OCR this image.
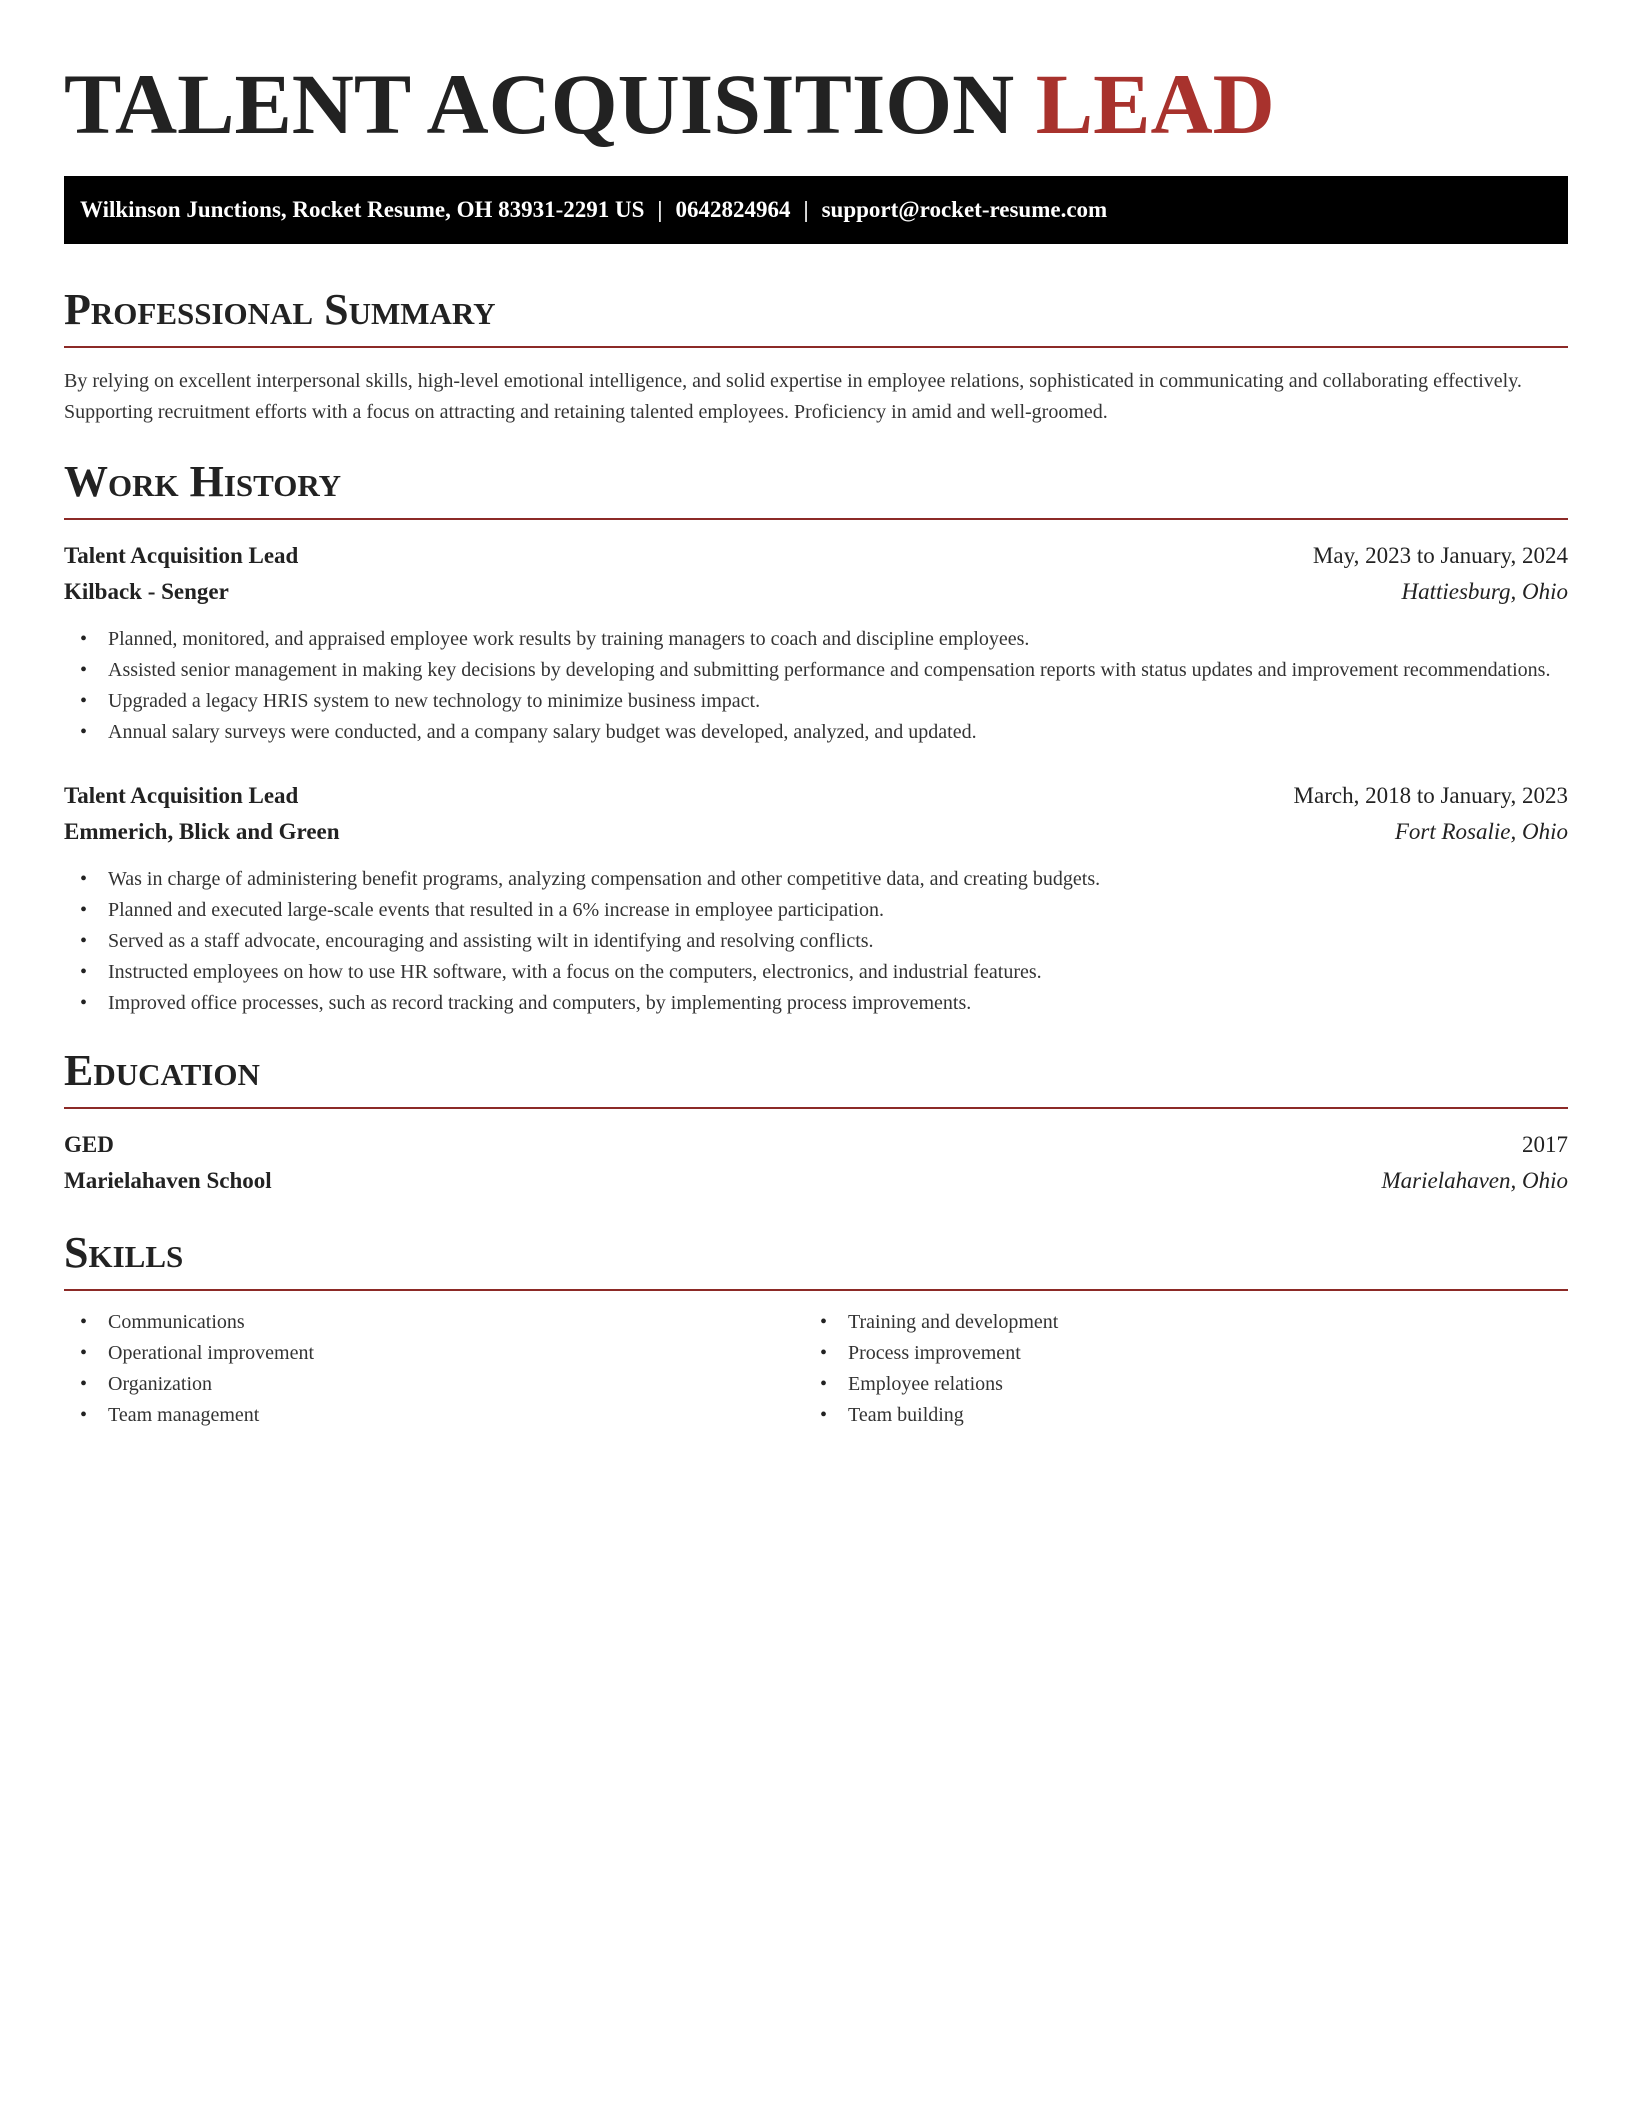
TALENT ACQUISITION LEAD
Wilkinson Junctions, Rocket Resume, OH 83931-2291 US | 0642824964 | support@rocket-resume.com
Professional Summary

By relying on excellent interpersonal skills, high-level emotional intelligence, and solid expertise in employee relations, sophisticated in communicating and collaborating effectively. Supporting recruitment efforts with a focus on attracting and retaining talented employees. Proficiency in amid and well-groomed.

Work History
Talent Acquisition Lead	May, 2023 to January, 2024
Kilback - Senger	Hattiesburg, Ohio
• Planned, monitored, and appraised employee work results by training managers to coach and discipline employees.
• Assisted senior management in making key decisions by developing and submitting performance and compensation reports with status updates and improvement recommendations.
• Upgraded a legacy HRIS system to new technology to minimize business impact.
• Annual salary surveys were conducted, and a company salary budget was developed, analyzed, and updated.
Talent Acquisition Lead	March, 2018 to January, 2023
Emmerich, Blick and Green	Fort Rosalie, Ohio
• Was in charge of administering benefit programs, analyzing compensation and other competitive data, and creating budgets.
• Planned and executed large-scale events that resulted in a 6% increase in employee participation.
• Served as a staff advocate, encouraging and assisting wilt in identifying and resolving conflicts.
• Instructed employees on how to use HR software, with a focus on the computers, electronics, and industrial features.
• Improved office processes, such as record tracking and computers, by implementing process improvements.
Education
GED	2017
Marielahaven School	Marielahaven, Ohio
Skills
• Communications
• Operational improvement
• Organization
• Team management
• Training and development
• Process improvement
• Employee relations
• Team building
